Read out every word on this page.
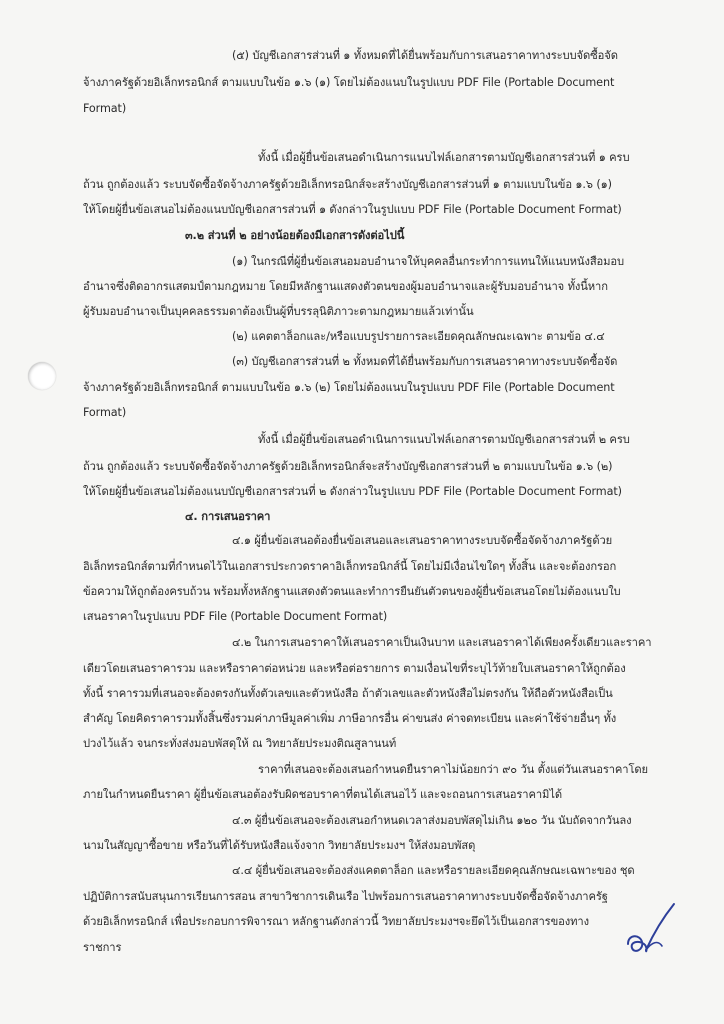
(๕) บัญชีเอกสารส่วนที่ ๑ ทั้งหมดที่ได้ยื่นพร้อมกับการเสนอราคาทางระบบจัดซื้อจัด
จ้างภาครัฐด้วยอิเล็กทรอนิกส์ ตามแบบในข้อ ๑.๖ (๑) โดยไม่ต้องแนบในรูปแบบ PDF File (Portable Document
Format)
ทั้งนี้ เมื่อผู้ยื่นข้อเสนอดำเนินการแนบไฟล์เอกสารตามบัญชีเอกสารส่วนที่ ๑ ครบ
ถ้วน ถูกต้องแล้ว ระบบจัดซื้อจัดจ้างภาครัฐด้วยอิเล็กทรอนิกส์จะสร้างบัญชีเอกสารส่วนที่ ๑ ตามแบบในข้อ ๑.๖ (๑)
ให้โดยผู้ยื่นข้อเสนอไม่ต้องแนบบัญชีเอกสารส่วนที่ ๑ ดังกล่าวในรูปแบบ PDF File (Portable Document Format)
๓.๒ ส่วนที่ ๒ อย่างน้อยต้องมีเอกสารดังต่อไปนี้
(๑) ในกรณีที่ผู้ยื่นข้อเสนอมอบอำนาจให้บุคคลอื่นกระทำการแทนให้แนบหนังสือมอบ
อำนาจซึ่งติดอากรแสตมป์ตามกฎหมาย โดยมีหลักฐานแสดงตัวตนของผู้มอบอำนาจและผู้รับมอบอำนาจ ทั้งนี้หาก
ผู้รับมอบอำนาจเป็นบุคคลธรรมดาต้องเป็นผู้ที่บรรลุนิติภาวะตามกฎหมายแล้วเท่านั้น
(๒) แคตตาล็อกและ/หรือแบบรูปรายการละเอียดคุณลักษณะเฉพาะ ตามข้อ ๔.๔
(๓) บัญชีเอกสารส่วนที่ ๒ ทั้งหมดที่ได้ยื่นพร้อมกับการเสนอราคาทางระบบจัดซื้อจัด
จ้างภาครัฐด้วยอิเล็กทรอนิกส์ ตามแบบในข้อ ๑.๖ (๒) โดยไม่ต้องแนบในรูปแบบ PDF File (Portable Document
Format)
ทั้งนี้ เมื่อผู้ยื่นข้อเสนอดำเนินการแนบไฟล์เอกสารตามบัญชีเอกสารส่วนที่ ๒ ครบ
ถ้วน ถูกต้องแล้ว ระบบจัดซื้อจัดจ้างภาครัฐด้วยอิเล็กทรอนิกส์จะสร้างบัญชีเอกสารส่วนที่ ๒ ตามแบบในข้อ ๑.๖ (๒)
ให้โดยผู้ยื่นข้อเสนอไม่ต้องแนบบัญชีเอกสารส่วนที่ ๒ ดังกล่าวในรูปแบบ PDF File (Portable Document Format)
๔. การเสนอราคา
๔.๑ ผู้ยื่นข้อเสนอต้องยื่นข้อเสนอและเสนอราคาทางระบบจัดซื้อจัดจ้างภาครัฐด้วย
อิเล็กทรอนิกส์ตามที่กำหนดไว้ในเอกสารประกวดราคาอิเล็กทรอนิกส์นี้ โดยไม่มีเงื่อนไขใดๆ ทั้งสิ้น และจะต้องกรอก
ข้อความให้ถูกต้องครบถ้วน พร้อมทั้งหลักฐานแสดงตัวตนและทำการยืนยันตัวตนของผู้ยื่นข้อเสนอโดยไม่ต้องแนบใบ
เสนอราคาในรูปแบบ PDF File (Portable Document Format)
๔.๒ ในการเสนอราคาให้เสนอราคาเป็นเงินบาท และเสนอราคาได้เพียงครั้งเดียวและราคา
เดียวโดยเสนอราคารวม และหรือราคาต่อหน่วย และหรือต่อรายการ ตามเงื่อนไขที่ระบุไว้ท้ายใบเสนอราคาให้ถูกต้อง
ทั้งนี้ ราคารวมที่เสนอจะต้องตรงกันทั้งตัวเลขและตัวหนังสือ ถ้าตัวเลขและตัวหนังสือไม่ตรงกัน ให้ถือตัวหนังสือเป็น
สำคัญ โดยคิดราคารวมทั้งสิ้นซึ่งรวมค่าภาษีมูลค่าเพิ่ม ภาษีอากรอื่น ค่าขนส่ง ค่าจดทะเบียน และค่าใช้จ่ายอื่นๆ ทั้ง
ปวงไว้แล้ว จนกระทั่งส่งมอบพัสดุให้ ณ วิทยาลัยประมงติณสูลานนท์
ราคาที่เสนอจะต้องเสนอกำหนดยืนราคาไม่น้อยกว่า ๙๐ วัน ตั้งแต่วันเสนอราคาโดย
ภายในกำหนดยืนราคา ผู้ยื่นข้อเสนอต้องรับผิดชอบราคาที่ตนได้เสนอไว้ และจะถอนการเสนอราคามิได้
๔.๓ ผู้ยื่นข้อเสนอจะต้องเสนอกำหนดเวลาส่งมอบพัสดุไม่เกิน ๑๒๐ วัน นับถัดจากวันลง
นามในสัญญาซื้อขาย หรือวันที่ได้รับหนังสือแจ้งจาก วิทยาลัยประมงฯ ให้ส่งมอบพัสดุ
๔.๔ ผู้ยื่นข้อเสนอจะต้องส่งแคตตาล็อก และหรือรายละเอียดคุณลักษณะเฉพาะของ ชุด
ปฏิบัติการสนับสนุนการเรียนการสอน สาขาวิชาการเดินเรือ ไปพร้อมการเสนอราคาทางระบบจัดซื้อจัดจ้างภาครัฐ
ด้วยอิเล็กทรอนิกส์ เพื่อประกอบการพิจารณา หลักฐานดังกล่าวนี้ วิทยาลัยประมงฯจะยึดไว้เป็นเอกสารของทาง
ราชการ
